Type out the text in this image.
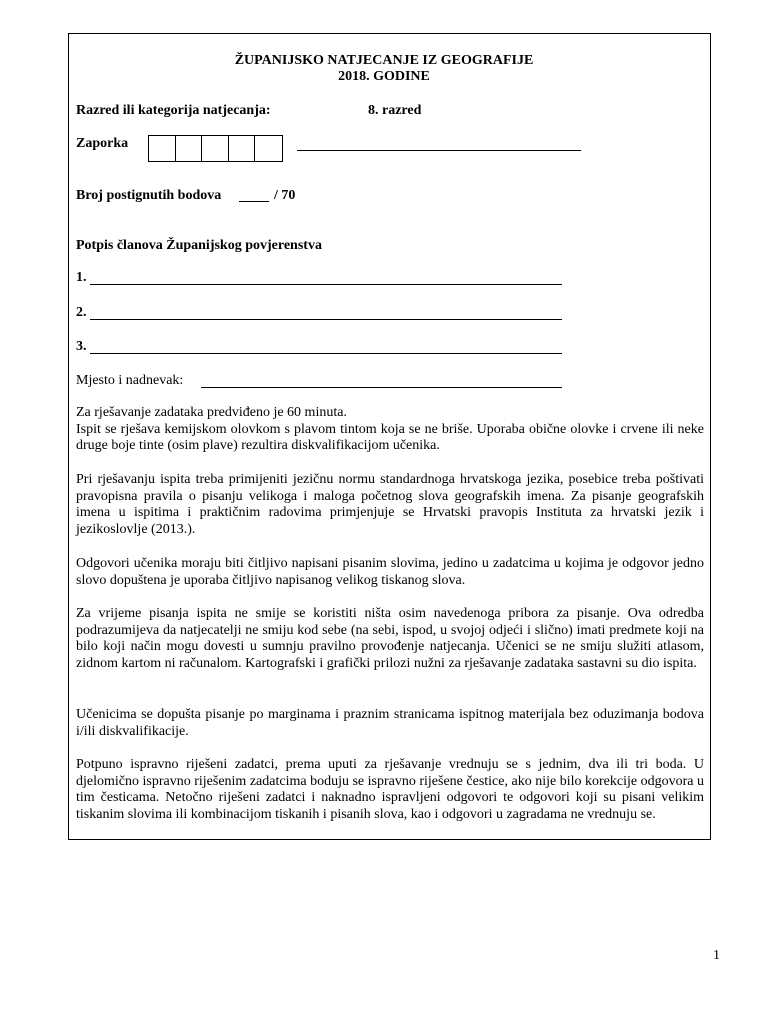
ŽUPANIJSKO NATJECANJE IZ GEOGRAFIJE
2018. GODINE
Razred ili kategorija natjecanja:	8. razred
Zaporka
Broj postignutih bodova	/ 70
Potpis članova Županijskog povjerenstva
1.
2.
3.
Mjesto i nadnevak:
Za rješavanje zadataka predviđeno je 60 minuta.
Ispit se rješava kemijskom olovkom s plavom tintom koja se ne briše. Uporaba obične olovke i crvene ili neke druge boje tinte (osim plave) rezultira diskvalifikacijom učenika.
Pri rješavanju ispita treba primijeniti jezičnu normu standardnoga hrvatskoga jezika, posebice treba poštivati pravopisna pravila o pisanju velikoga i maloga početnog slova geografskih imena. Za pisanje geografskih imena u ispitima i praktičnim radovima primjenjuje se Hrvatski pravopis Instituta za hrvatski jezik i jezikoslovlje (2013.).
Odgovori učenika moraju biti čitljivo napisani pisanim slovima, jedino u zadatcima u kojima je odgovor jedno slovo dopuštena je uporaba čitljivo napisanog velikog tiskanog slova.
Za vrijeme pisanja ispita ne smije se koristiti ništa osim navedenoga pribora za pisanje. Ova odredba podrazumijeva da natjecatelji ne smiju kod sebe (na sebi, ispod, u svojoj odjeći i slično) imati predmete koji na bilo koji način mogu dovesti u sumnju pravilno provođenje natjecanja. Učenici se ne smiju služiti atlasom, zidnom kartom ni računalom. Kartografski i grafički prilozi nužni za rješavanje zadataka sastavni su dio ispita.
Učenicima se dopušta pisanje po marginama i praznim stranicama ispitnog materijala bez oduzimanja bodova i/ili diskvalifikacije.
Potpuno ispravno riješeni zadatci, prema uputi za rješavanje vrednuju se s jednim, dva ili tri boda. U djelomično ispravno riješenim zadatcima boduju se ispravno riješene čestice, ako nije bilo korekcije odgovora u tim česticama. Netočno riješeni zadatci i naknadno ispravljeni odgovori te odgovori koji su pisani velikim tiskanim slovima ili kombinacijom tiskanih i pisanih slova, kao i odgovori u zagradama ne vrednuju se.
1
